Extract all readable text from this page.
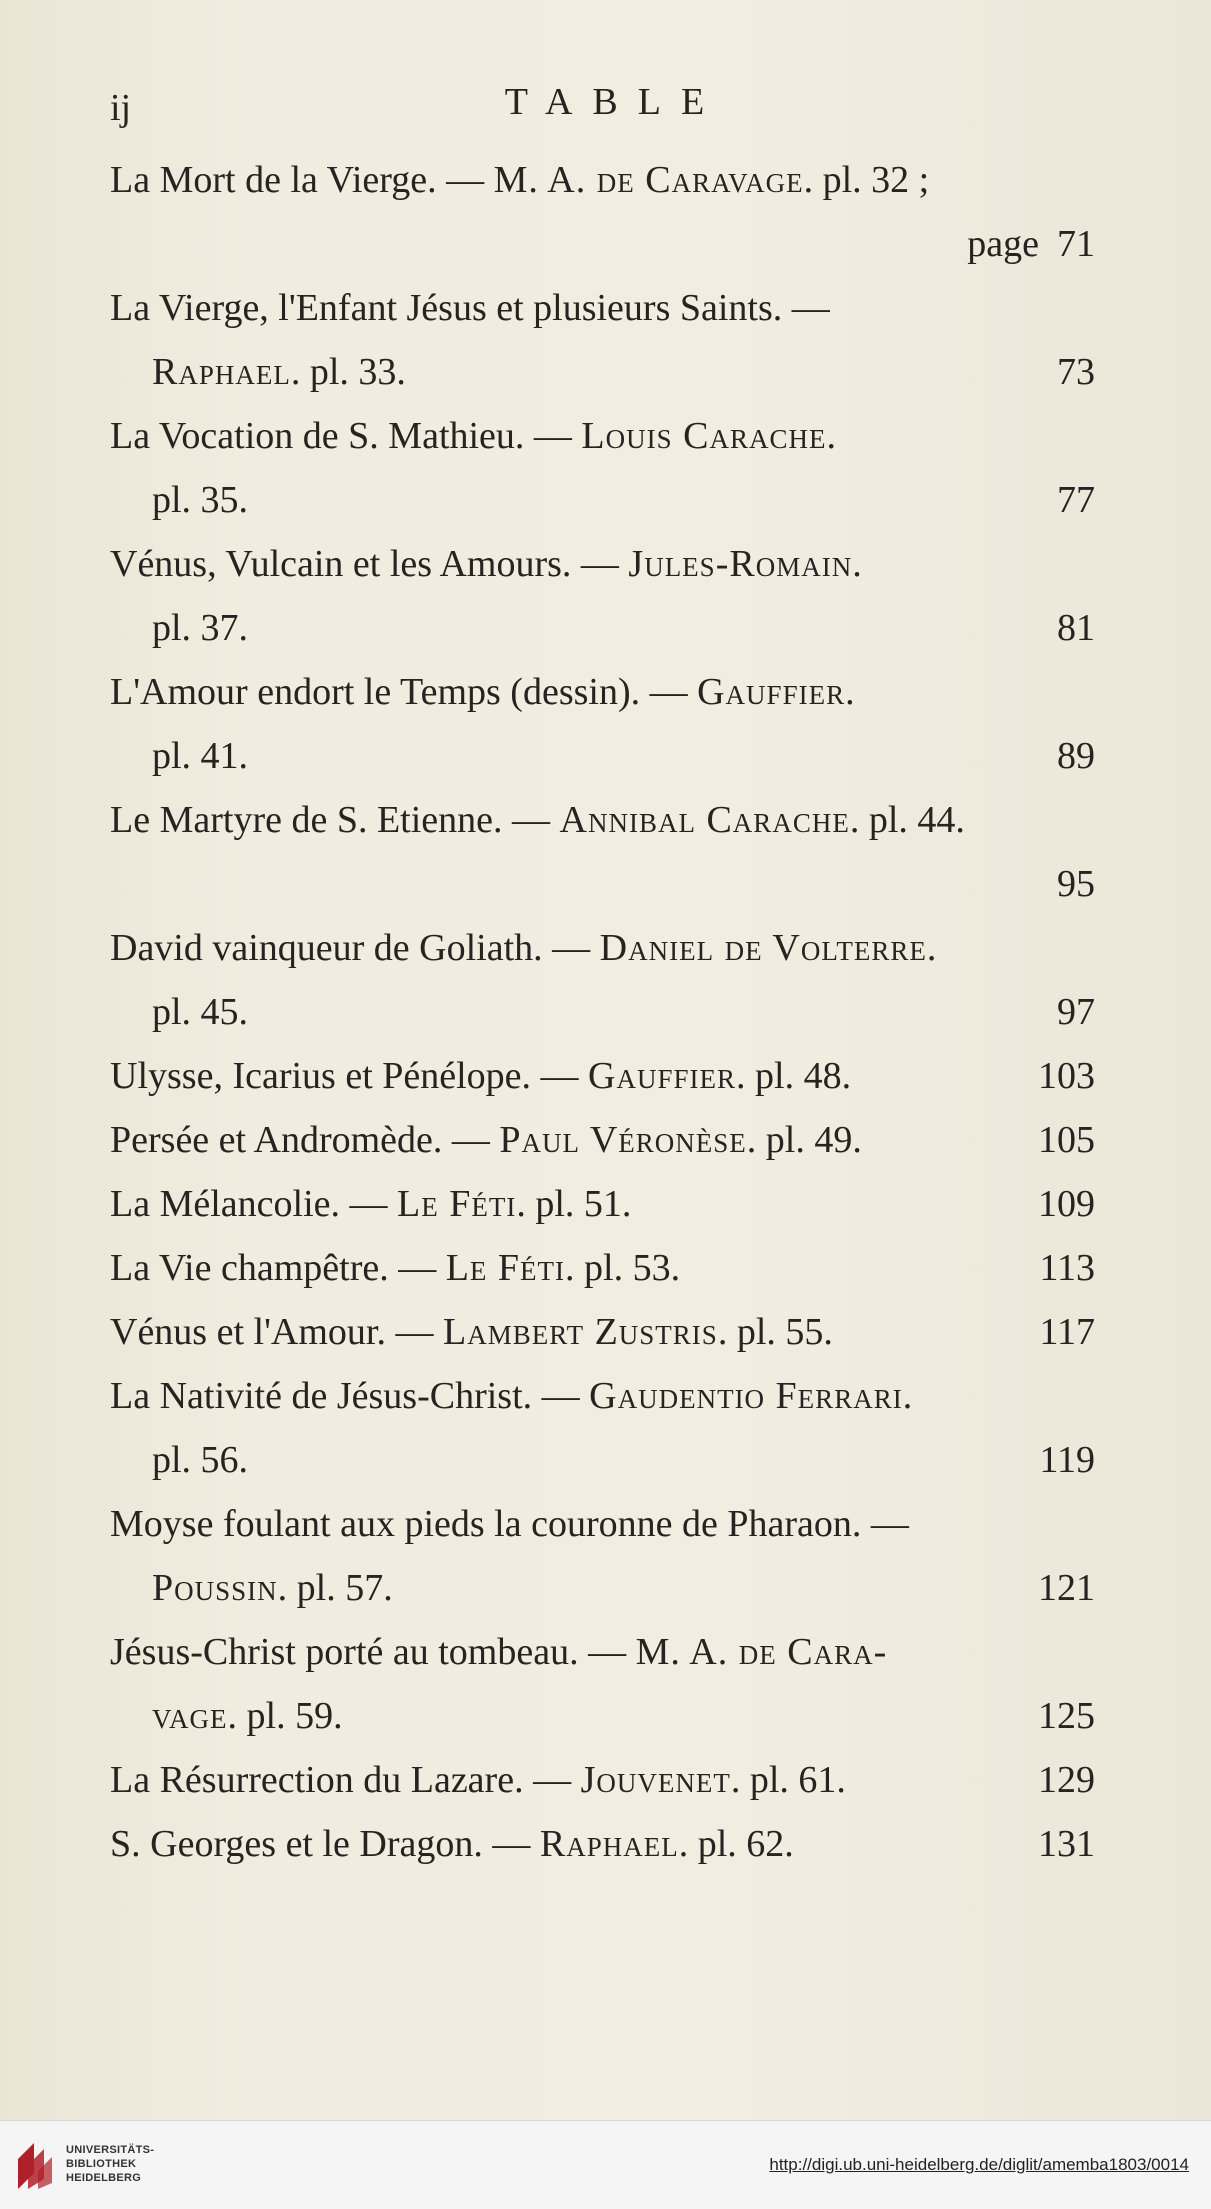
ij	TABLE
La Mort de la Vierge. — M. A. de Caravage. pl. 32 ;
page 71
La Vierge, l'Enfant Jésus et plusieurs Saints. —
Raphael. pl. 33.	73
La Vocation de S. Mathieu. — Louis Carache.
pl. 35.	77
Vénus, Vulcain et les Amours. — Jules-Romain.
pl. 37.	81
L'Amour endort le Temps (dessin). — Gauffier.
pl. 41.	89
Le Martyre de S. Etienne. — Annibal Carache. pl. 44.
95
David vainqueur de Goliath. — Daniel de Volterre.
pl. 45.	97
Ulysse, Icarius et Pénélope. — Gauffier. pl. 48.	103
Persée et Andromède. — Paul Véronèse. pl. 49.	105
La Mélancolie. — Le Féti. pl. 51.	109
La Vie champêtre. — Le Féti. pl. 53.	113
Vénus et l'Amour. — Lambert Zustris. pl. 55.	117
La Nativité de Jésus-Christ. — Gaudentio Ferrari.
pl. 56.	119
Moyse foulant aux pieds la couronne de Pharaon. —
Poussin. pl. 57.	121
Jésus-Christ porté au tombeau. — M. A. de Cara-
vage. pl. 59.	125
La Résurrection du Lazare. — Jouvenet. pl. 61.	129
S. Georges et le Dragon. — Raphael. pl. 62.	131
UNIVERSITÄTS-
BIBLIOTHEK
HEIDELBERG
http://digi.ub.uni-heidelberg.de/diglit/amemba1803/0014
